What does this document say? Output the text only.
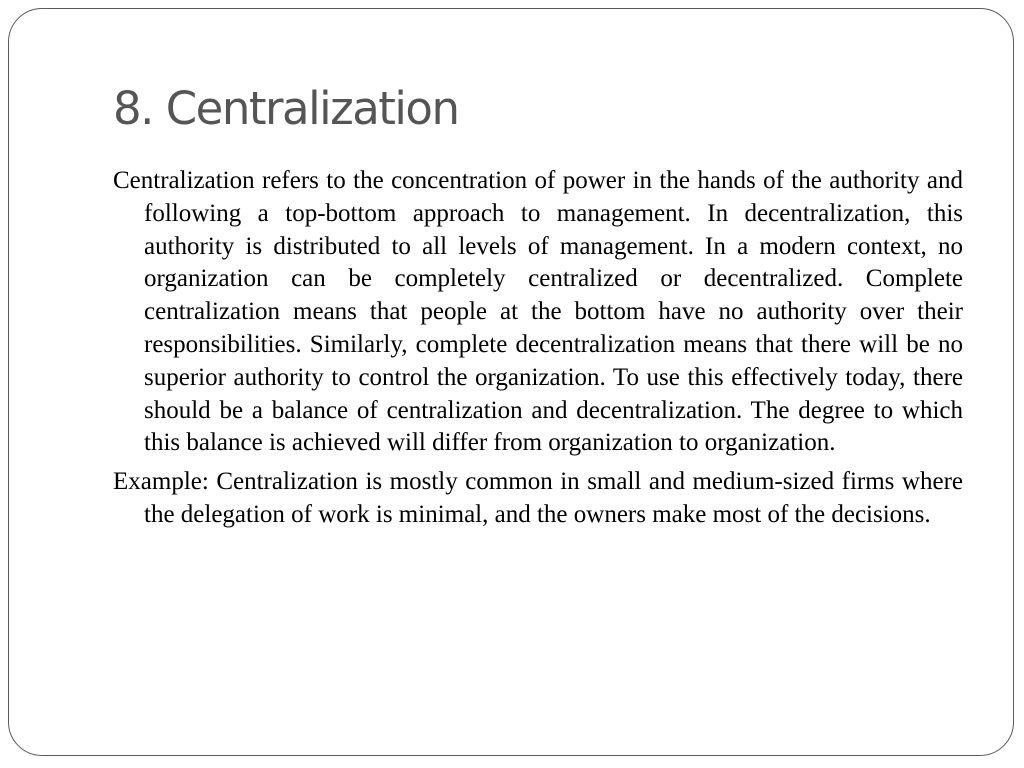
8. Centralization

Centralization refers to the concentration of power in the hands of the authority and following a top-bottom approach to management. In decentralization, this authority is distributed to all levels of management. In a modern context, no organization can be completely centralized or decentralized. Complete centralization means that people at the bottom have no authority over their responsibilities. Similarly, complete decentralization means that there will be no superior authority to control the organization. To use this effectively today, there should be a balance of centralization and decentralization. The degree to which this balance is achieved will differ from organization to organization.

Example: Centralization is mostly common in small and medium-sized firms where the delegation of work is minimal, and the owners make most of the decisions.
